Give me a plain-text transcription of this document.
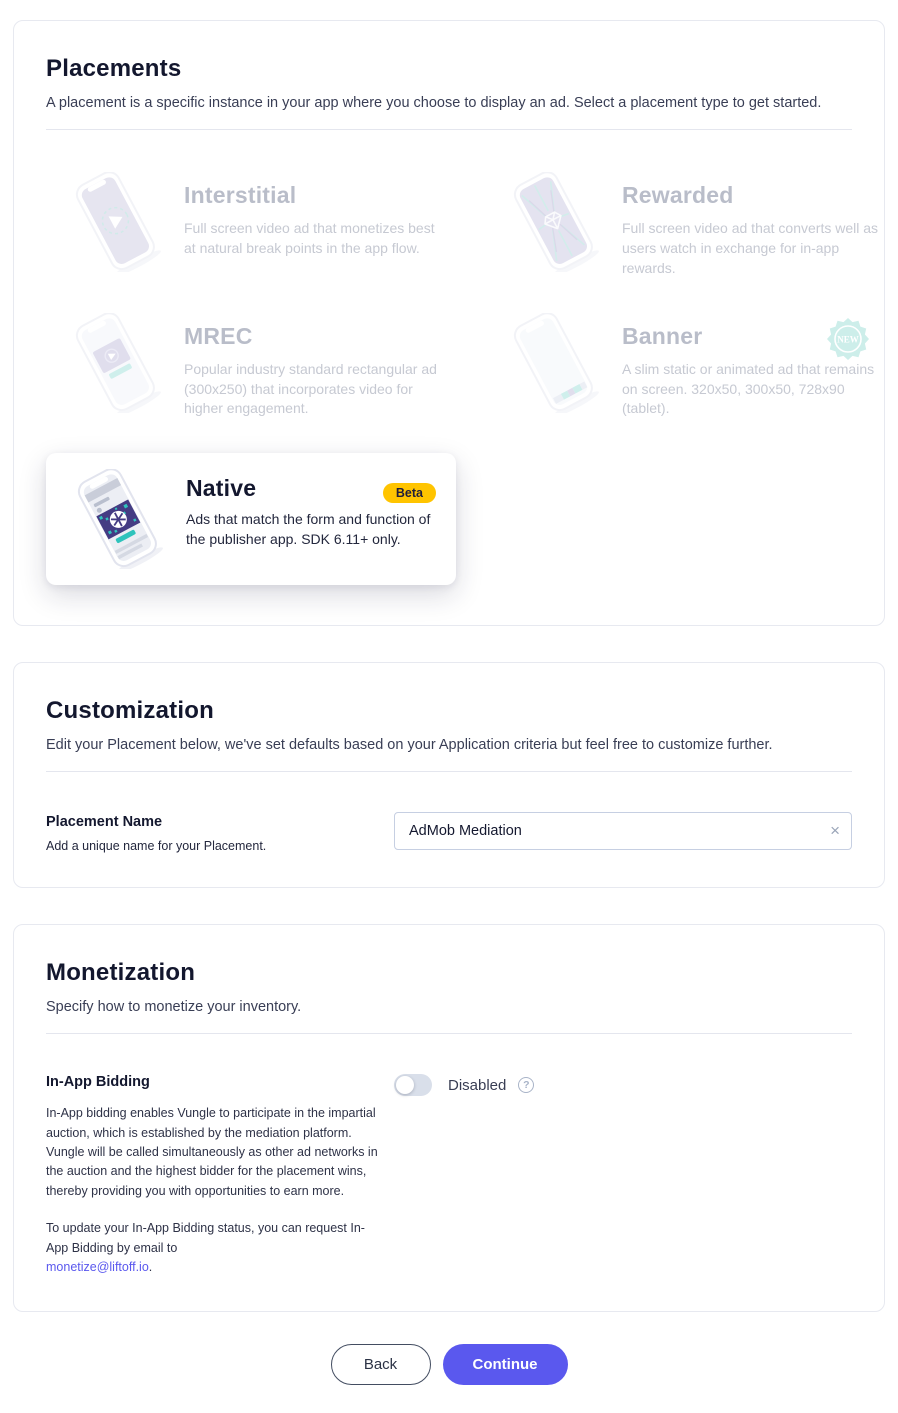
Placements

A placement is a specific instance in your app where you choose to display an ad. Select a placement type to get started.

Interstitial

Full screen video ad that monetizes best at natural break points in the app flow.

Rewarded

Full screen video ad that converts well as users watch in exchange for in-app rewards.

MREC

Popular industry standard rectangular ad (300x250) that incorporates video for higher engagement.

Banner

A slim static or animated ad that remains on screen. 320x50, 300x50, 728x90 (tablet).

NEW
Native	Beta

Ads that match the form and function of the publisher app. SDK 6.11+ only.

Customization

Edit your Placement below, we've set defaults based on your Application criteria but feel free to customize further.

Placement Name

Add a unique name for your Placement.

AdMob Mediation
×
Monetization

Specify how to monetize your inventory.

In-App Bidding

In-App bidding enables Vungle to participate in the impartial auction, which is established by the mediation platform. Vungle will be called simultaneously as other ad networks in the auction and the highest bidder for the placement wins, thereby providing you with opportunities to earn more.

To update your In-App Bidding status, you can request In-App Bidding by email to
monetize@liftoff.io.

Disabled	?
Back	Continue
